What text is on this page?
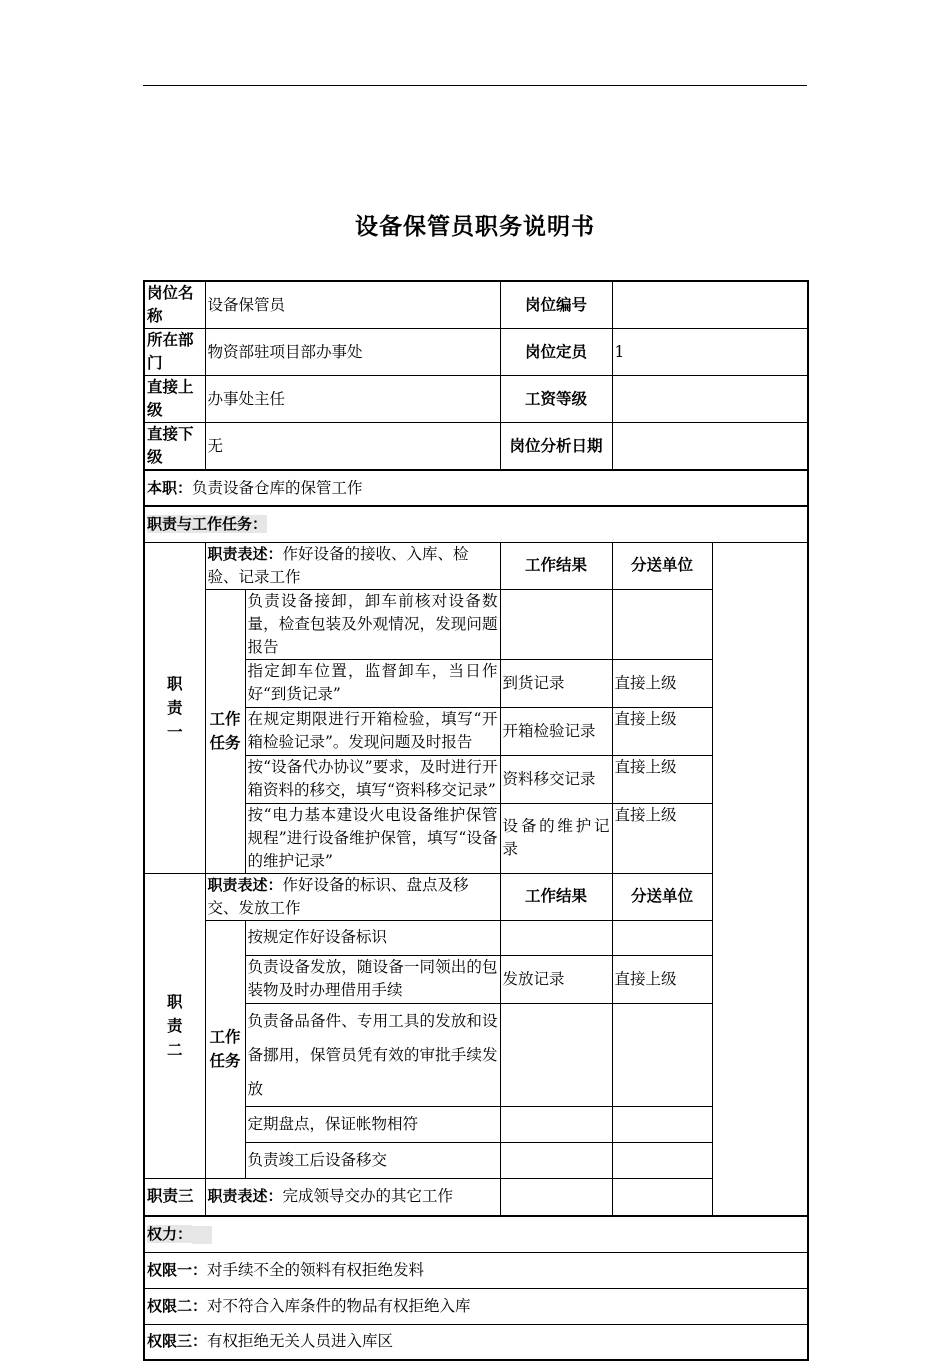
设备保管员职务说明书
岗位名称	设备保管员		岗位编号	
所在部门	物资部驻项目部办事处		岗位定员	1
直接上级	办事处主任		工资等级	
直接下级	无		岗位分析日期	
本职：负责设备仓库的保管工作				
职责与工作任务：				
职责一	职责表述：作好设备的接收、入库、检验、记录工作		工作结果	分送单位
	工作任务	负责设备接卸，卸车前核对设备数量，检查包装及外观情况，发现问题报告		
		指定卸车位置，监督卸车，当日作好“到货记录”	到货记录	直接上级
		在规定期限进行开箱检验，填写“开箱检验记录”。发现问题及时报告	开箱检验记录	直接上级
		按“设备代办协议”要求，及时进行开箱资料的移交，填写“资料移交记录”	资料移交记录	直接上级
		按“电力基本建设火电设备维护保管规程”进行设备维护保管，填写“设备的维护记录”	设备的维护记录	直接上级
职责二	职责表述：作好设备的标识、盘点及移交、发放工作		工作结果	分送单位
	工作任务	按规定作好设备标识		
		负责设备发放，随设备一同领出的包装物及时办理借用手续	发放记录	直接上级
		负责备品备件、专用工具的发放和设备挪用，保管员凭有效的审批手续发放		
		定期盘点，保证帐物相符		
		负责竣工后设备移交		
职责三	职责表述：完成领导交办的其它工作		
权力：				
权限一：对手续不全的领料有权拒绝发料				
权限二：对不符合入库条件的物品有权拒绝入库				
权限三：有权拒绝无关人员进入库区				
